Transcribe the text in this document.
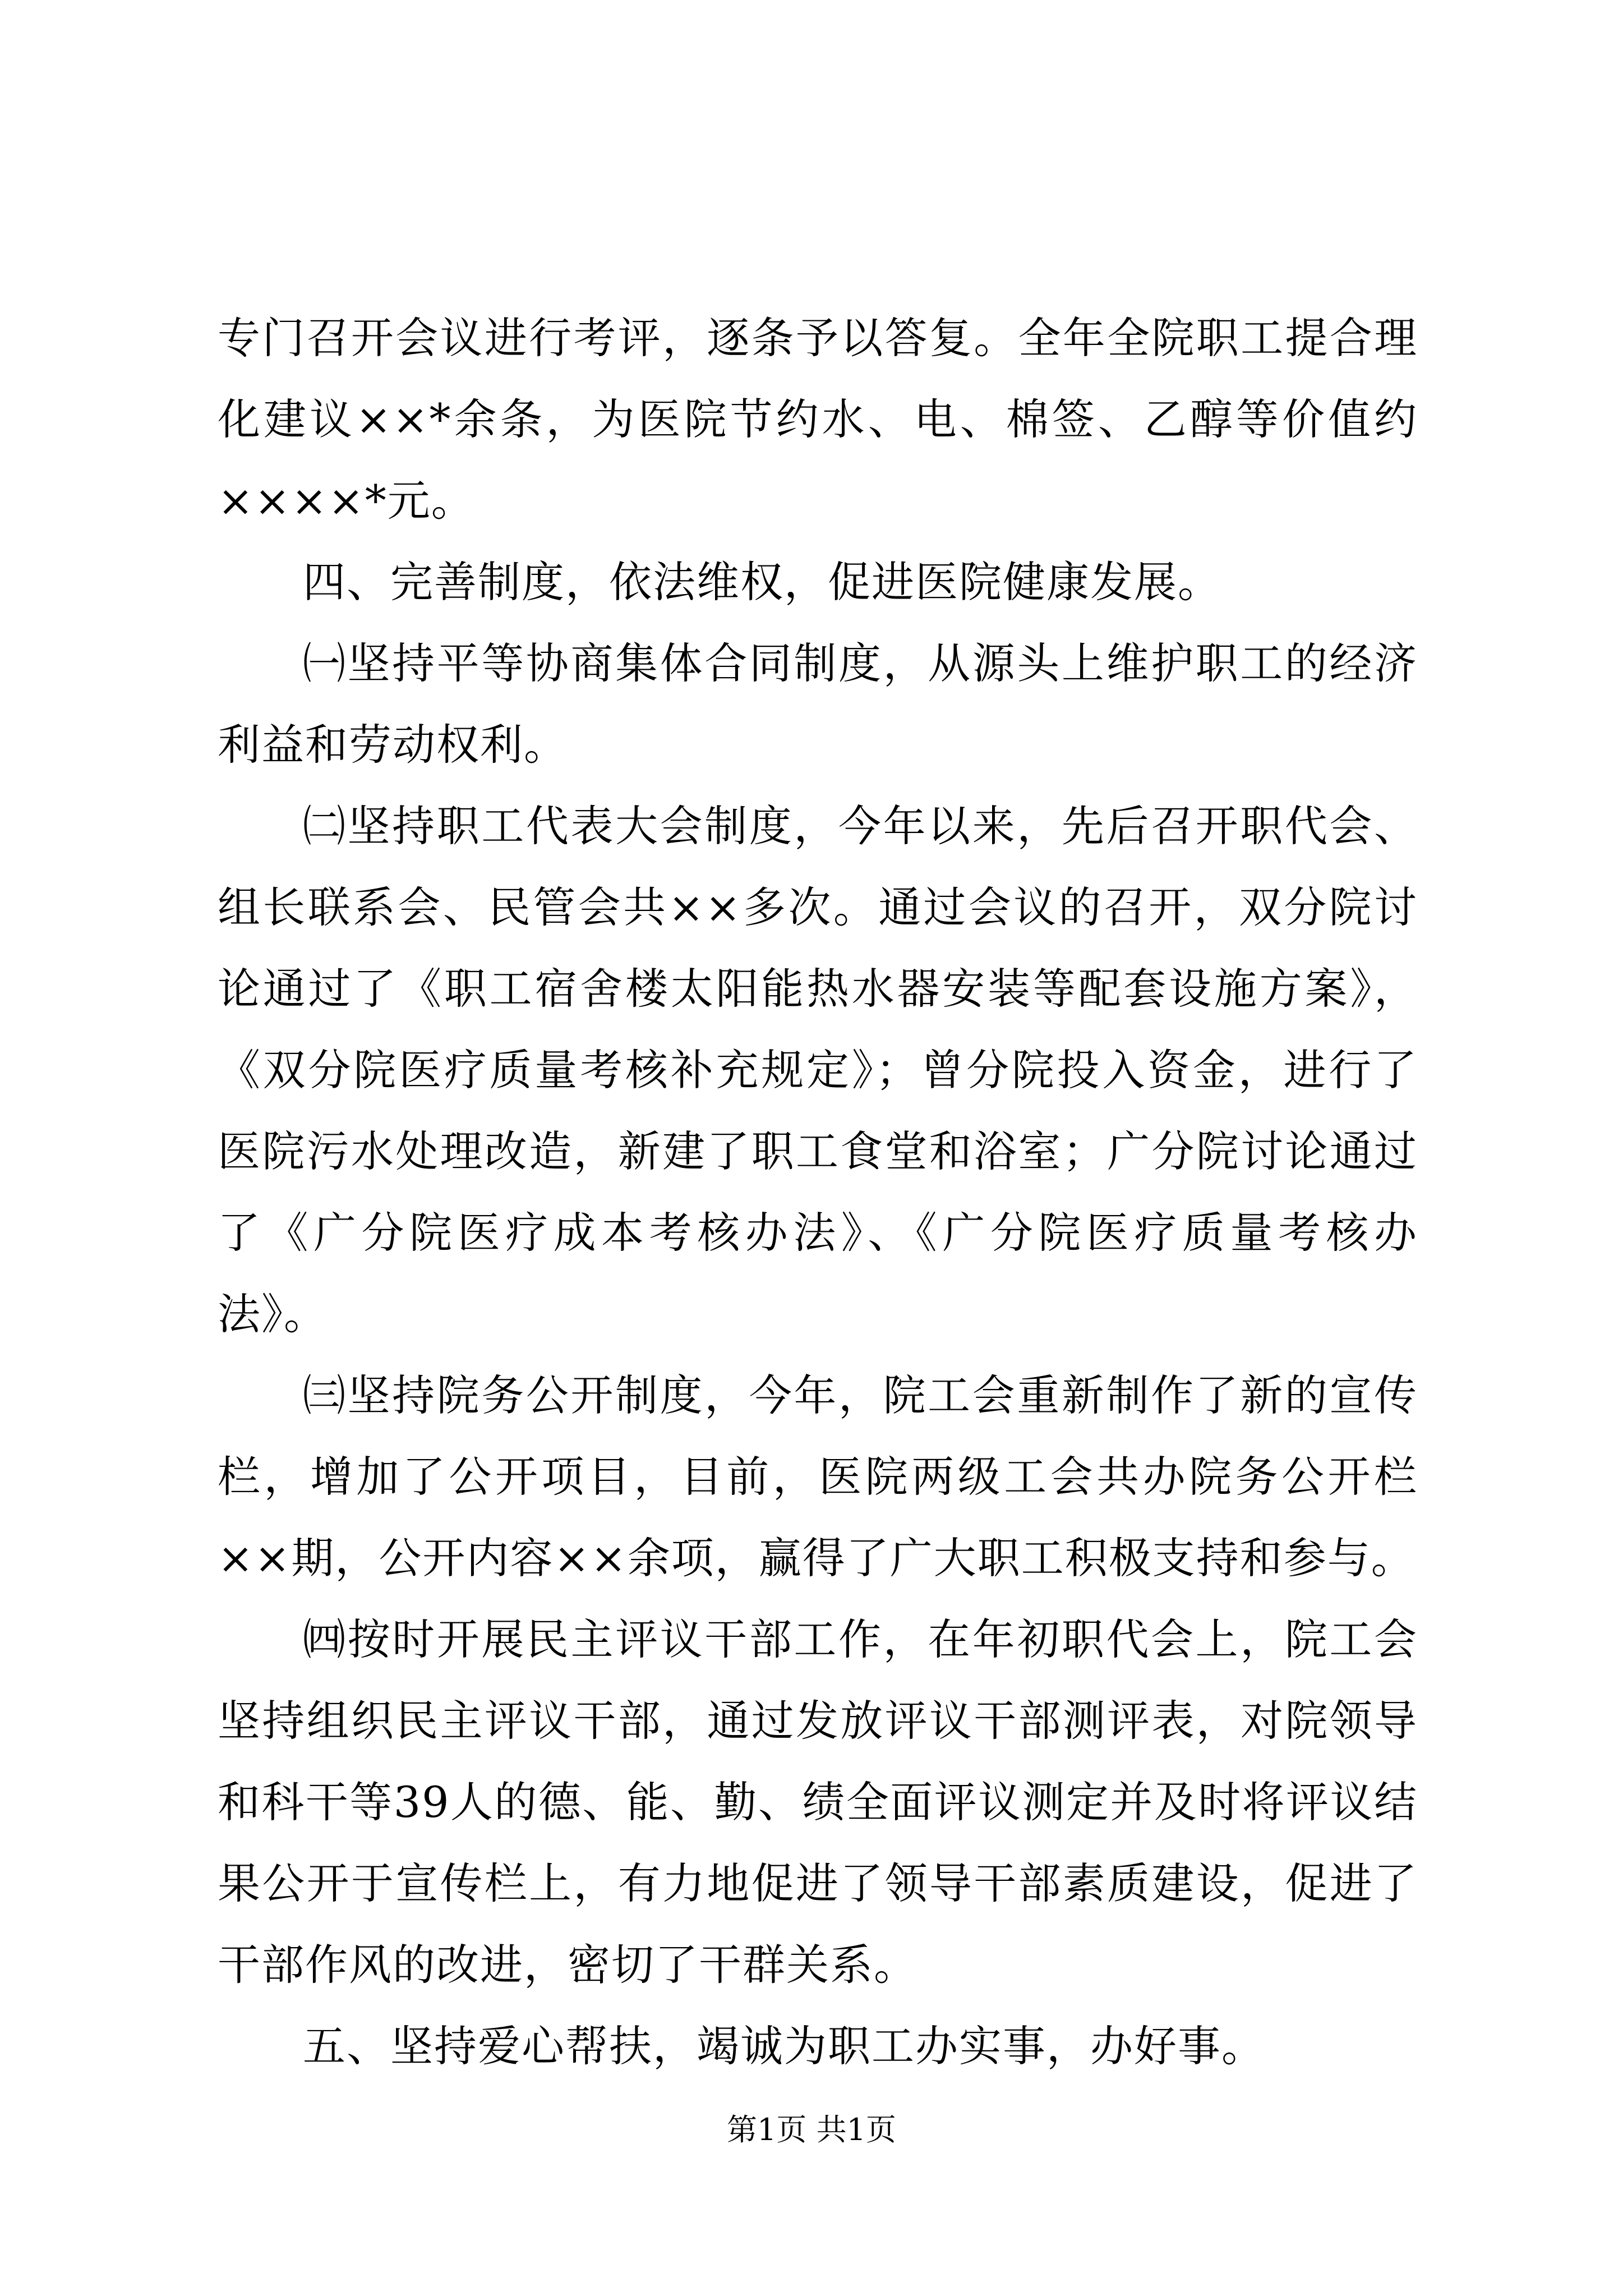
专门召开会议进行考评，逐条予以答复。全年全院职工提合理化建议××*余条，为医院节约水、电、棉签、乙醇等价值约××××*元。

四、完善制度，依法维权，促进医院健康发展。

㈠坚持平等协商集体合同制度，从源头上维护职工的经济利益和劳动权利。

㈡坚持职工代表大会制度，今年以来，先后召开职代会、组长联系会、民管会共××多次。通过会议的召开，双分院讨论通过了《职工宿舍楼太阳能热水器安装等配套设施方案》，《双分院医疗质量考核补充规定》；曾分院投入资金，进行了医院污水处理改造，新建了职工食堂和浴室；广分院讨论通过了《广分院医疗成本考核办法》、《广分院医疗质量考核办法》。

㈢坚持院务公开制度，今年，院工会重新制作了新的宣传栏，增加了公开项目，目前，医院两级工会共办院务公开栏××期，公开内容××余项，赢得了广大职工积极支持和参与。

㈣按时开展民主评议干部工作，在年初职代会上，院工会坚持组织民主评议干部，通过发放评议干部测评表，对院领导和科干等39人的德、能、勤、绩全面评议测定并及时将评议结果公开于宣传栏上，有力地促进了领导干部素质建设，促进了干部作风的改进，密切了干群关系。

五、坚持爱心帮扶，竭诚为职工办实事，办好事。

第1页 共1页
